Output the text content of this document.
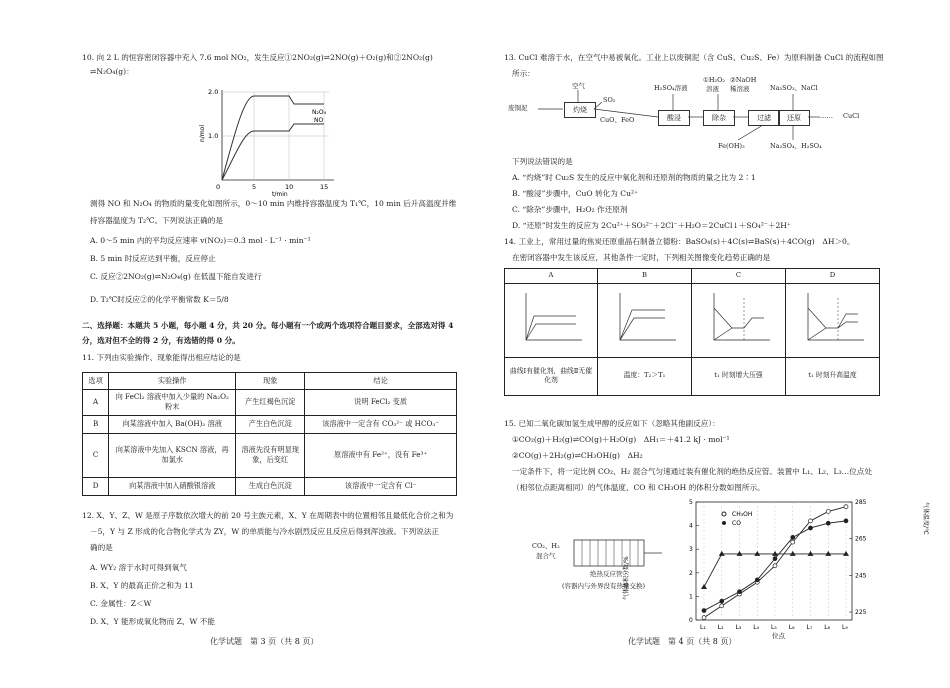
10. 向 2 L 的恒容密闭容器中充入 7.6 mol NO₂，发生反应①2NO₂(g)⇌2NO(g)＋O₂(g)和②2NO₂(g)
⇌N₂O₄(g)：
n/mol
2.0
1.0
0	5	10	15
t/min
N₂O₄
NO
测得 NO 和 N₂O₄ 的物质的量变化如图所示，0～10 min 内维持容器温度为 T₁℃，10 min 后升高温度并维
持容器温度为 T₂℃。下列说法正确的是
A. 0～5 min 内的平均反应速率 v(NO₂)＝0.3 mol · L⁻¹ · min⁻¹
B. 5 min 时反应达到平衡，反应停止
C. 反应②2NO₂(g)⇌N₂O₄(g) 在低温下能自发进行
D. T₂℃时反应②的化学平衡常数 K＝5/8
二、选择题：本题共 5 小题，每小题 4 分，共 20 分。每小题有一个或两个选项符合题目要求，全部选对得 4
分，选对但不全的得 2 分，有选错的得 0 分。
11. 下列由实验操作、现象能得出相应结论的是
选项	实验操作	现象	结论
A	向 FeCl₂ 溶液中加入少量的 Na₂O₂ 粉末	产生红褐色沉淀	说明 FeCl₂ 变质
B	向某溶液中加入 Ba(OH)₂ 溶液	产生白色沉淀	该溶液中一定含有 CO₃²⁻ 或 HCO₃⁻
C	向某溶液中先加入 KSCN 溶液，再加氯水	溶液先没有明显现象，后变红	原溶液中有 Fe²⁺，没有 Fe³⁺
D	向某溶液中加入硝酸银溶液	生成白色沉淀	该溶液中一定含有 Cl⁻
12. X、Y、Z、W 是原子序数依次增大的前 20 号主族元素，X、Y 在周期表中的位置相邻且最低化合价之和为
－5，Y 与 Z 形成的化合物化学式为 ZY，W 的单质能与冷水剧烈反应且反应后得到浑浊液。下列说法正
确的是
A. WY₂ 溶于水时可得到氧气
B. X、Y 的最高正价之和为 11
C. 金属性：Z＜W
D. X、Y 能形成氧化物而 Z、W 不能
化学试题　第 3 页（共 8 页）
13. CuCl 难溶于水，在空气中易被氧化。工业上以废铜泥（含 CuS、Cu₂S、Fe）为原料制备 CuCl 的流程如图
所示：
空气
废铜泥	灼烧
SO₂
CuO、FeO
H₂SO₄溶液
酸浸
①H₂O₂ ②NaOH
溶液 稀溶液
除杂	过滤
Na₂SO₃、NaCl
还原	…… CuCl
Fe(OH)₃	Na₂SO₄、H₂SO₄
下列说法错误的是
A. “灼烧”时 Cu₂S 发生的反应中氧化剂和还原剂的物质的量之比为 2∶1
B. “酸浸”步骤中，CuO 转化为 Cu²⁺
C. “除杂”步骤中，H₂O₂ 作还原剂
D. “还原”时发生的反应为 2Cu²⁺＋SO₃²⁻＋2Cl⁻＋H₂O＝2CuCl↓＋SO₄²⁻＋2H⁺
14. 工业上，常用过量的焦炭还原重晶石制备立德粉：BaSO₄(s)＋4C(s)⇌BaS(s)＋4CO(g)　ΔH＞0。
在密闭容器中发生该反应，其他条件一定时，下列相关图像变化趋势正确的是
A	B	C	D

曲线Ⅰ有催化剂，曲线Ⅱ无催化剂	温度：T₂＞T₁	t₁ 时刻增大压强	t₁ 时刻升高温度
15. 已知二氧化碳加氢生成甲醇的反应如下（忽略其他副反应）：
①CO₂(g)＋H₂(g)⇌CO(g)＋H₂O(g)　ΔH₁＝＋41.2 kJ · mol⁻¹
②CO(g)＋2H₂(g)⇌CH₃OH(g)　ΔH₂
一定条件下，将一定比例 CO₂、H₂ 混合气匀速通过装有催化剂的绝热反应管。装置中 L₁、L₂、L₃…位点处
（相邻位点距离相同）的气体温度、CO 和 CH₃OH 的体积分数如图所示。
CO₂、H₂
混合气
绝热反应管
(容器内与外界没有热量交换)
0
1
2
3
4
5
225
245
265
285
L₁ L₂ L₃ L₄ L₅ L₆ L₇ L₈ L₉
气体体积分数/%
气体温度/℃
位点
CH₃OH
CO
化学试题　第 4 页（共 8 页）
